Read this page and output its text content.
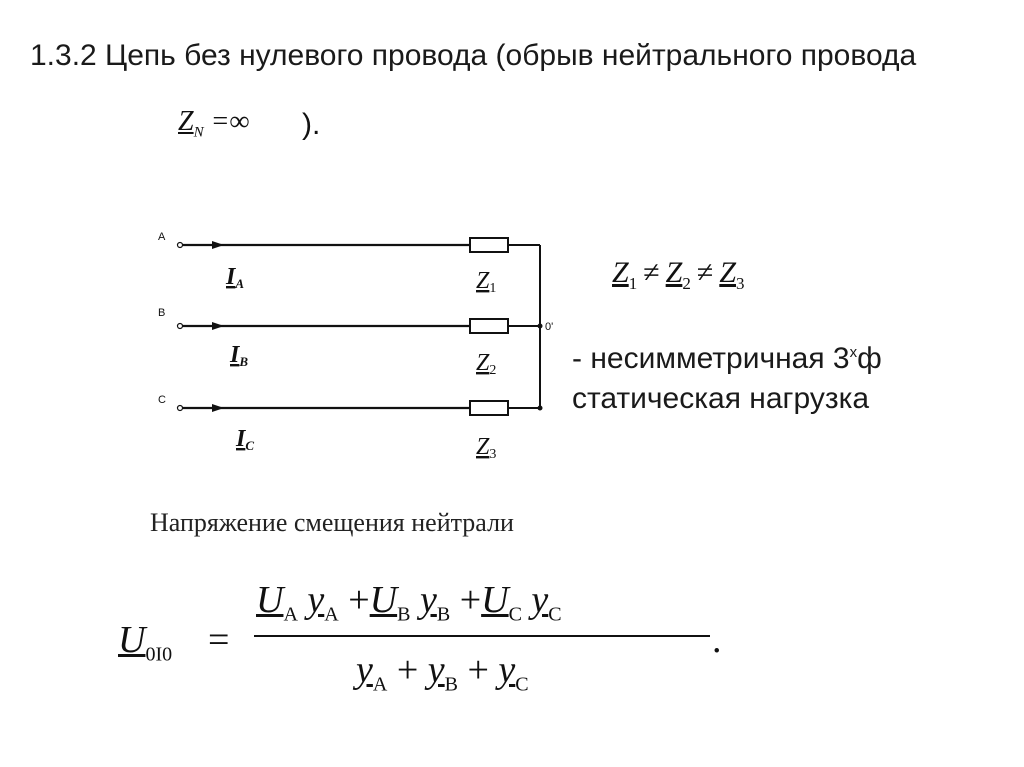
1.3.2 Цепь без нулевого провода (обрыв нейтрального провода
$Z_N$ =∞ ).
A
B
C
0'
IA
IB
IC
Z1
Z2
Z3
$Z_1 \ne Z_2 \ne Z_3$
- несимметричная $3^хф$
статическая нагрузка
Напряжение смещения нейтрали
$U_{0I0}$ =
$U_A$ $y_A +U_B$ $y_B +U_C$ $y_C$
$y_A + y_B + y_C$
.
